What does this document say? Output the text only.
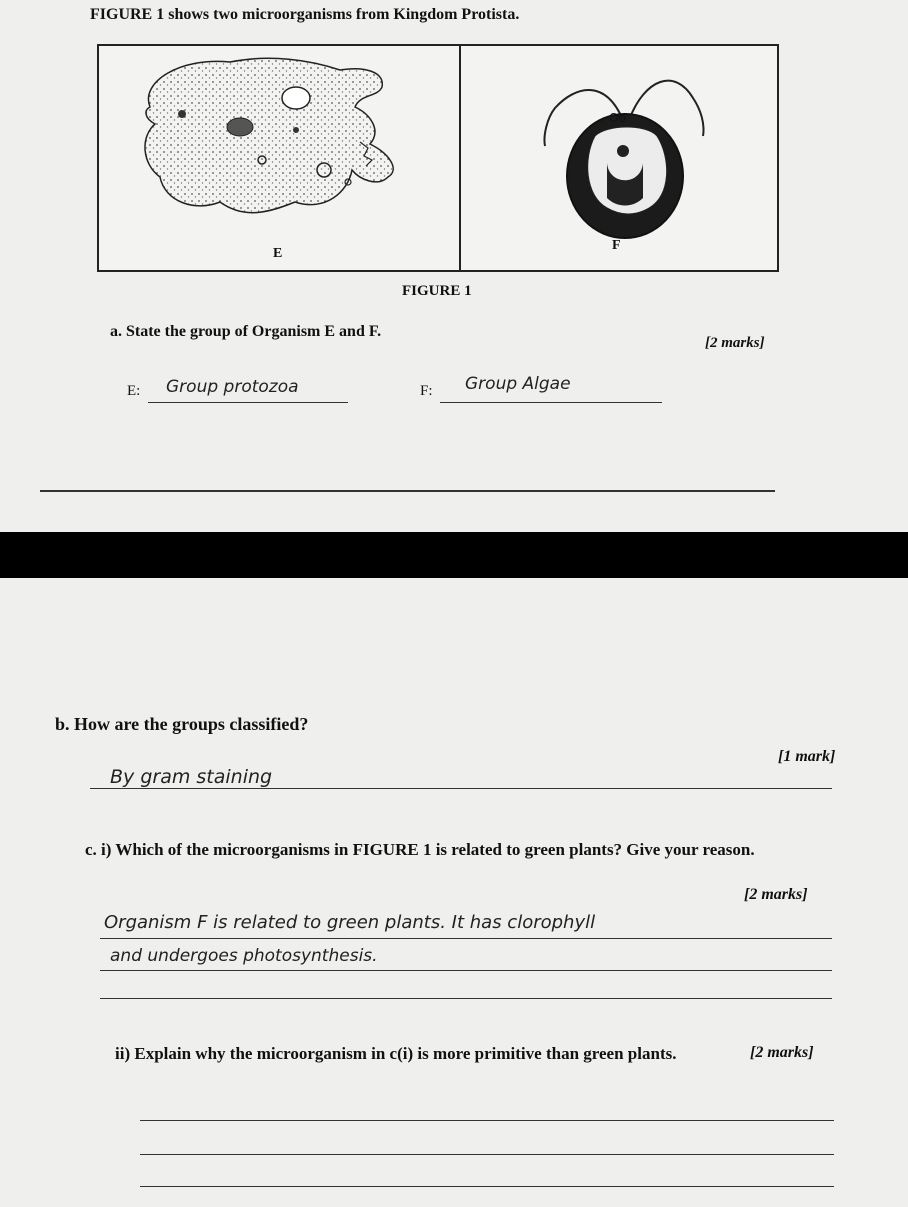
FIGURE 1 shows two microorganisms from Kingdom Protista.
Oo
E
F
FIGURE 1
a. State the group of Organism E and F.
[2 marks]
E: Group protozoa	F: Group Algae
b. How are the groups classified?
[1 mark]
By gram staining
c. i) Which of the microorganisms in FIGURE 1 is related to green plants? Give your reason.
[2 marks]
Organism F is related to green plants. It has clorophyll
and undergoes photosynthesis.
ii) Explain why the microorganism in c(i) is more primitive than green plants.	[2 marks]
